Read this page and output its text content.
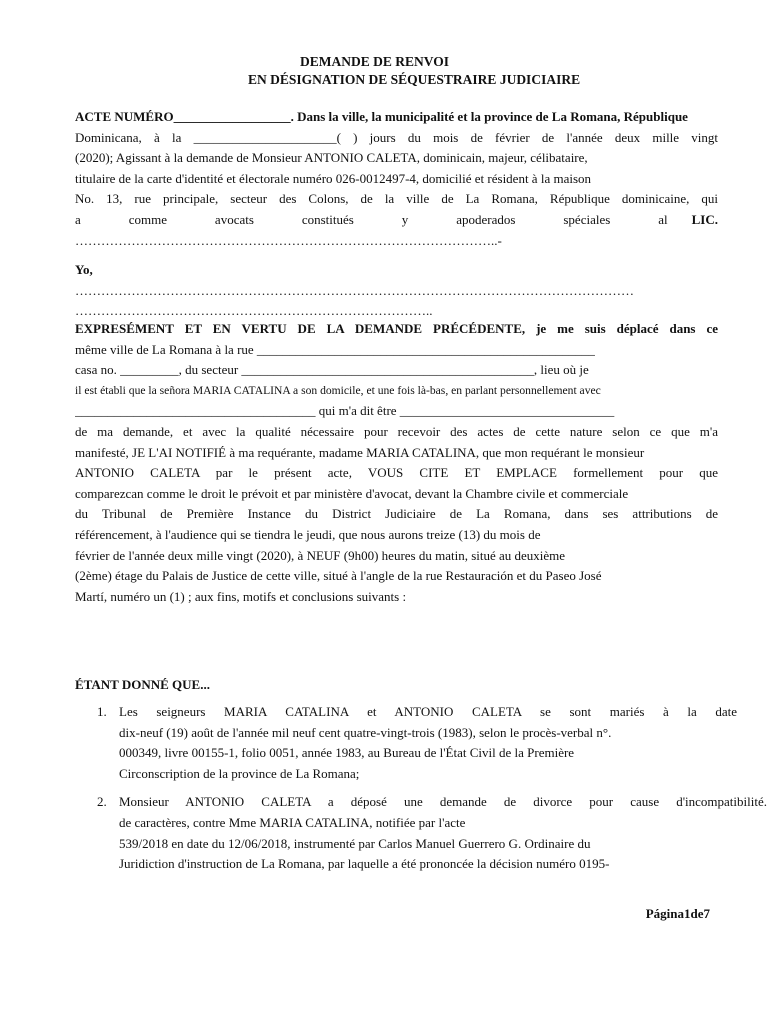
DEMANDE DE RENVOI
EN DÉSIGNATION DE SÉQUESTRAIRE JUDICIAIRE
ACTE NUMÉRO__________________. Dans la ville, la municipalité et la province de La Romana, République
Dominicana, à la ______________________( ) jours du mois de février de l'année deux mille vingt
(2020); Agissant à la demande de Monsieur ANTONIO CALETA, dominicain, majeur, célibataire,
titulaire de la carte d'identité et électorale numéro 026-0012497-4, domicilié et résident à la maison
No. 13, rue principale, secteur des Colons, de la ville de La Romana, République dominicaine, qui
a comme avocats constitués y apoderados spéciales al	LIC.
……………………………………………………………………………………..-
Yo,
…………………………………………………………………………………………………………………
………………………………………………………………………..
EXPRESÉMENT ET EN VERTU DE LA DEMANDE PRÉCÉDENTE, je me suis déplacé dans ce
même ville de La Romana à la rue ____________________________________________________
casa no. _________, du secteur _____________________________________________, lieu où je
il est établi que la señora MARIA CATALINA a son domicile, et une fois là-bas, en parlant personnellement avec
_____________________________________ qui m'a dit être _________________________________
de ma demande, et avec la qualité nécessaire pour recevoir des actes de cette nature selon ce que m'a
manifesté, JE L'AI NOTIFIÉ à ma requérante, madame MARIA CATALINA, que mon requérant le monsieur
ANTONIO CALETA par le présent acte, VOUS CITE ET EMPLACE formellement pour que
comparezcan comme le droit le prévoit et par ministère d'avocat, devant la Chambre civile et commerciale
du Tribunal de Première Instance du District Judiciaire de La Romana, dans ses attributions de
référencement, à l'audience qui se tiendra le jeudi, que nous aurons treize (13) du mois de
février de l'année deux mille vingt (2020), à NEUF (9h00) heures du matin, situé au deuxième
(2ème) étage du Palais de Justice de cette ville, situé à l'angle de la rue Restauración et du Paseo José
Martí, numéro un (1) ; aux fins, motifs et conclusions suivants :
ÉTANT DONNÉ QUE...
1. Les seigneurs MARIA CATALINA et ANTONIO CALETA se sont mariés à la date
dix-neuf (19) août de l'année mil neuf cent quatre-vingt-trois (1983), selon le procès-verbal n°.
000349, livre 00155-1, folio 0051, année 1983, au Bureau de l'État Civil de la Première
Circonscription de la province de La Romana;
2. Monsieur ANTONIO CALETA a déposé une demande de divorce pour cause d'incompatibilité.
de caractères, contre Mme MARIA CATALINA, notifiée par l'acte
539/2018 en date du 12/06/2018, instrumenté par Carlos Manuel Guerrero G. Ordinaire du
Juridiction d'instruction de La Romana, par laquelle a été prononcée la décision numéro 0195-
Página1de7
